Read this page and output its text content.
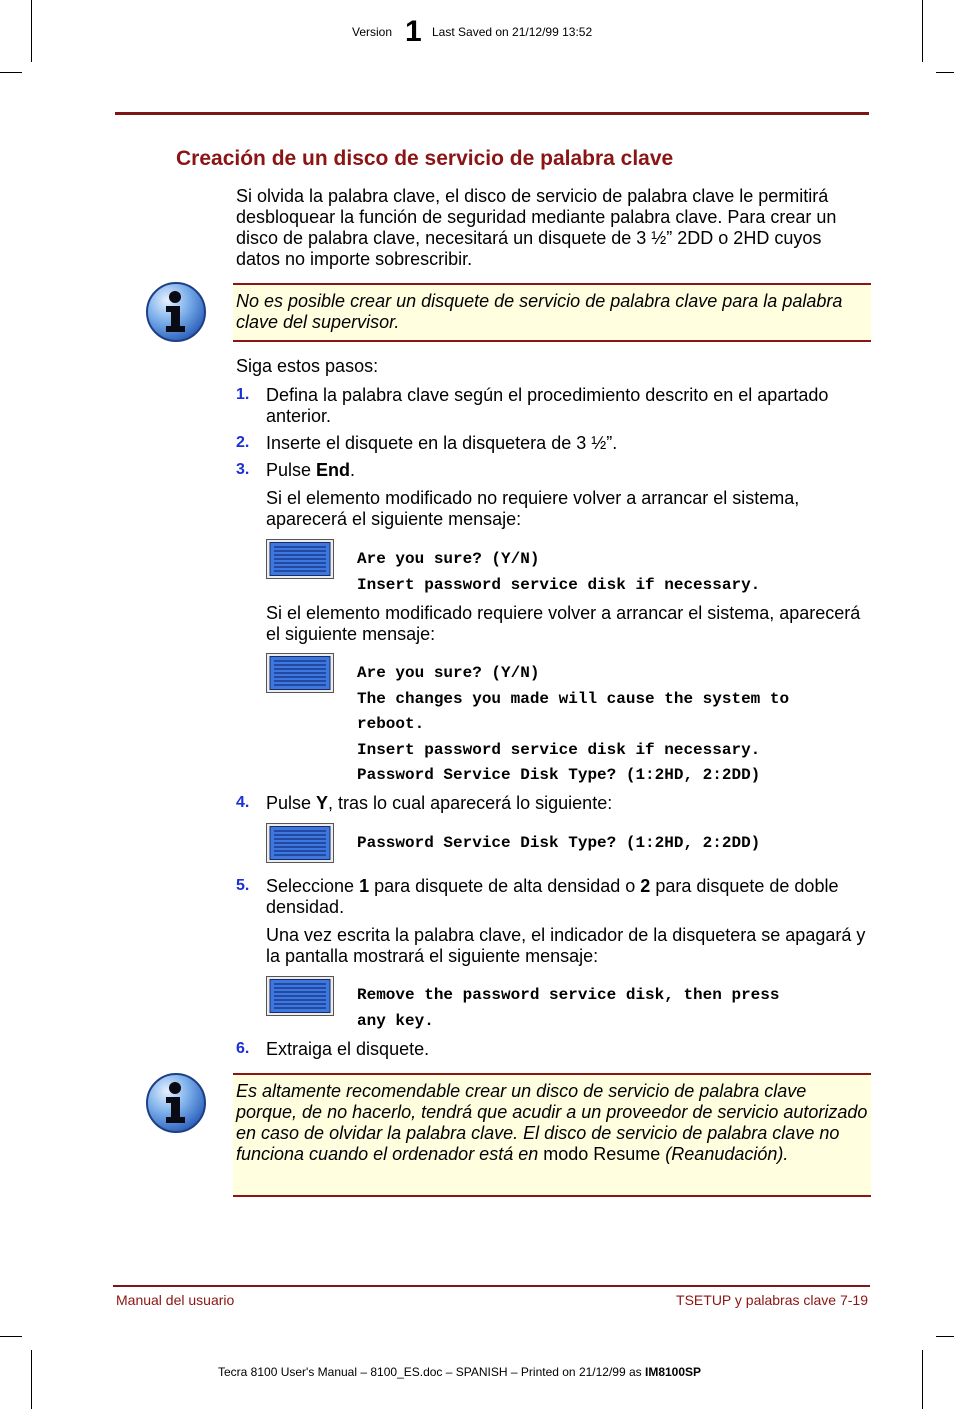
Version 1 Last Saved on 21/12/99 13:52
Creación de un disco de servicio de palabra clave
Si olvida la palabra clave, el disco de servicio de palabra clave le permitirá desbloquear la función de seguridad mediante palabra clave. Para crear un disco de palabra clave, necesitará un disquete de 3 ½” 2DD o 2HD cuyos datos no importe sobrescribir.
No es posible crear un disquete de servicio de palabra clave para la palabra clave del supervisor.
Siga estos pasos:
1. Defina la palabra clave según el procedimiento descrito en el apartado anterior.
2. Inserte el disquete en la disquetera de 3 ½”.
3. Pulse End.
Si el elemento modificado no requiere volver a arrancar el sistema, aparecerá el siguiente mensaje:
Are you sure? (Y/N)
Insert password service disk if necessary.
Si el elemento modificado requiere volver a arrancar el sistema, aparecerá el siguiente mensaje:
Are you sure? (Y/N)
The changes you made will cause the system to
reboot.
Insert password service disk if necessary.
Password Service Disk Type? (1:2HD, 2:2DD)
4. Pulse Y, tras lo cual aparecerá lo siguiente:
Password Service Disk Type? (1:2HD, 2:2DD)
5. Seleccione 1 para disquete de alta densidad o 2 para disquete de doble densidad.
Una vez escrita la palabra clave, el indicador de la disquetera se apagará y la pantalla mostrará el siguiente mensaje:
Remove the password service disk, then press
any key.
6. Extraiga el disquete.
Es altamente recomendable crear un disco de servicio de palabra clave porque, de no hacerlo, tendrá que acudir a un proveedor de servicio autorizado en caso de olvidar la palabra clave. El disco de servicio de palabra clave no funciona cuando el ordenador está en modo Resume (Reanudación).
Manual del usuario	TSETUP y palabras clave 7-19
Tecra 8100 User's Manual – 8100_ES.doc – SPANISH – Printed on 21/12/99 as IM8100SP
